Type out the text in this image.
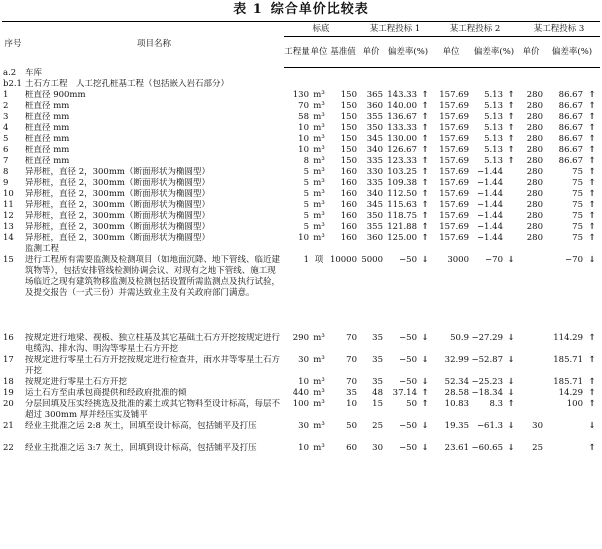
表 1 综合单价比较表
序号	项目名称	标底			某工程投标 1			某工程投标 2			某工程投标 3		
		工程量	单位	基准值	单价	偏差率(%)		单位	偏差率(%)		单价	偏差率(%)	
a.2	车库												
b2.1	土石方工程　人工挖孔桩基工程（包括嵌入岩石部分）												
1	桩直径 900mm	130	m³	150	365	143.33	↑	157.69	5.13	↑	280	86.67	↑
2	桩直径 mm	70	m³	150	360	140.00	↑	157.69	5.13	↑	280	86.67	↑
3	桩直径 mm	58	m³	150	355	136.67	↑	157.69	5.13	↑	280	86.67	↑
4	桩直径 mm	10	m³	150	350	133.33	↑	157.69	5.13	↑	280	86.67	↑
5	桩直径 mm	10	m³	150	345	130.00	↑	157.69	5.13	↑	280	86.67	↑
6	桩直径 mm	10	m³	150	340	126.67	↑	157.69	5.13	↑	280	86.67	↑
7	桩直径 mm	8	m³	150	335	123.33	↑	157.69	5.13	↑	280	86.67	↑
8	异形桩，直径 2，300mm（断面形状为椭圆型）	5	m³	160	330	103.25	↑	157.69	−1.44		280	75	↑
9	异形桩，直径 2，300mm（断面形状为椭圆型）	5	m³	160	335	109.38	↑	157.69	−1.44		280	75	↑
10	异形桩，直径 2，300mm（断面形状为椭圆型）	5	m³	160	340	112.50	↑	157.69	−1.44		280	75	↑
11	异形桩，直径 2，300mm（断面形状为椭圆型）	5	m³	160	345	115.63	↑	157.69	−1.44		280	75	↑
12	异形桩，直径 2，300mm（断面形状为椭圆型）	5	m³	160	350	118.75	↑	157.69	−1.44		280	75	↑
13	异形桩，直径 2，300mm（断面形状为椭圆型）	5	m³	160	355	121.88	↑	157.69	−1.44		280	75	↑
14	异形桩，直径 2，300mm（断面形状为椭圆型）	10	m³	160	360	125.00	↑	157.69	−1.44		280	75	↑
	监测工程												
15	进行工程所有需要监测及检测项目（如地面沉降、地下管线、临近建筑物等），包括安排管线检测协调会议、对现有之地下管线、施工现场临近之现有建筑物移监测及检测包括设置所需监测点及执行试验，及提交报告（一式三份）并需达致业主及有关政府部门满意。	1	项	10000	5000	−50	↓	3000	−70	↓		−70	↓
16	按规定进行地梁、视板、独立柱基及其它基础土石方开挖按规定进行电缆沟、排水沟、明沟等零星土石方开挖	290	m³	70	35	−50	↓	50.9	−27.29	↓		114.29	↑
17	按规定进行零星土石方开挖按规定进行检查井，雨水井等零星土石方开挖	30	m³	70	35	−50	↓	32.99	−52.87	↓		185.71	↑
18	按规定进行零星土石方开挖	10	m³	70	35	−50	↓	52.34	−25.23	↓		185.71	↑
19	运土石方至由承包商提供和经政府批准的倾	440	m³	35	48	37.14	↑	28.58	−18.34	↓		14.29	↑
20	分层回填及压实经挑选及批准的素土或其它物料至设计标高，每层不超过 300mm 厚并经压实及铺平	100	m³	10	15	50	↑	10.83	8.3	↑		100	↑
21	经业主批准之运 2:8 灰土，回填至设计标高，包括铺平及打压	30	m³	50	25	−50	↓	19.35	−61.3	↓	30		↓
22	经业主批准之运 3:7 灰土，回填到设计标高，包括铺平及打压	10	m³	60	30	−50	↓	23.61	−60.65	↓	25		↑
